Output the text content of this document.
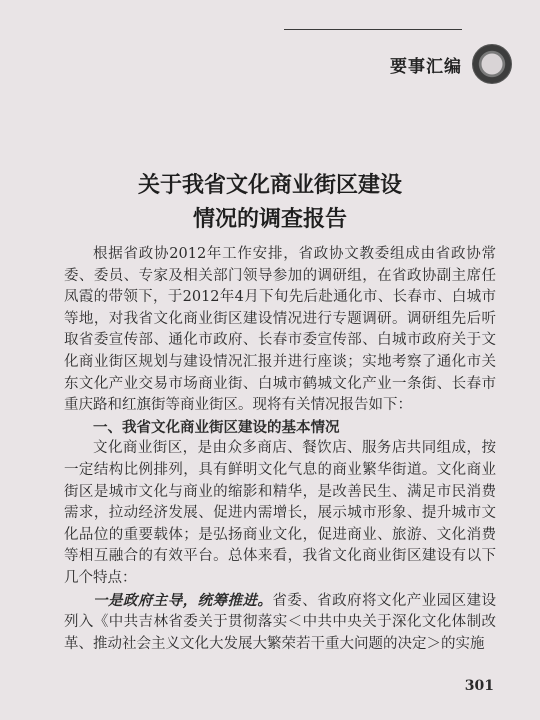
要事汇编
关于我省文化商业街区建设
情况的调查报告

根据省政协2012年工作安排，省政协文教委组成由省政协常委、委员、专家及相关部门领导参加的调研组，在省政协副主席任凤霞的带领下，于2012年4月下旬先后赴通化市、长春市、白城市等地，对我省文化商业街区建设情况进行专题调研。调研组先后听取省委宣传部、通化市政府、长春市委宣传部、白城市政府关于文化商业街区规划与建设情况汇报并进行座谈；实地考察了通化市关东文化产业交易市场商业街、白城市鹤城文化产业一条街、长春市重庆路和红旗街等商业街区。现将有关情况报告如下：

一、我省文化商业街区建设的基本情况

文化商业街区，是由众多商店、餐饮店、服务店共同组成，按一定结构比例排列，具有鲜明文化气息的商业繁华街道。文化商业街区是城市文化与商业的缩影和精华，是改善民生、满足市民消费需求，拉动经济发展、促进内需增长，展示城市形象、提升城市文化品位的重要载体；是弘扬商业文化，促进商业、旅游、文化消费等相互融合的有效平台。总体来看，我省文化商业街区建设有以下几个特点：

一是政府主导，统筹推进。省委、省政府将文化产业园区建设列入《中共吉林省委关于贯彻落实＜中共中央关于深化文化体制改革、推动社会主义文化大发展大繁荣若干重大问题的决定＞的实施

301
